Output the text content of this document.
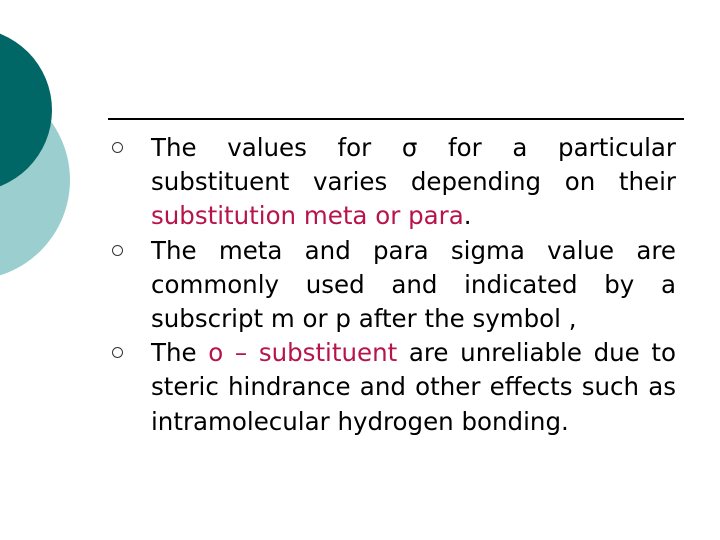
The values for σ for a particular substituent varies depending on their substitution meta or para.
The meta and para sigma value are commonly used and indicated by a subscript m or p after the symbol ,
The o – substituent are unreliable due to steric hindrance and other effects such as intramolecular hydrogen bonding.
